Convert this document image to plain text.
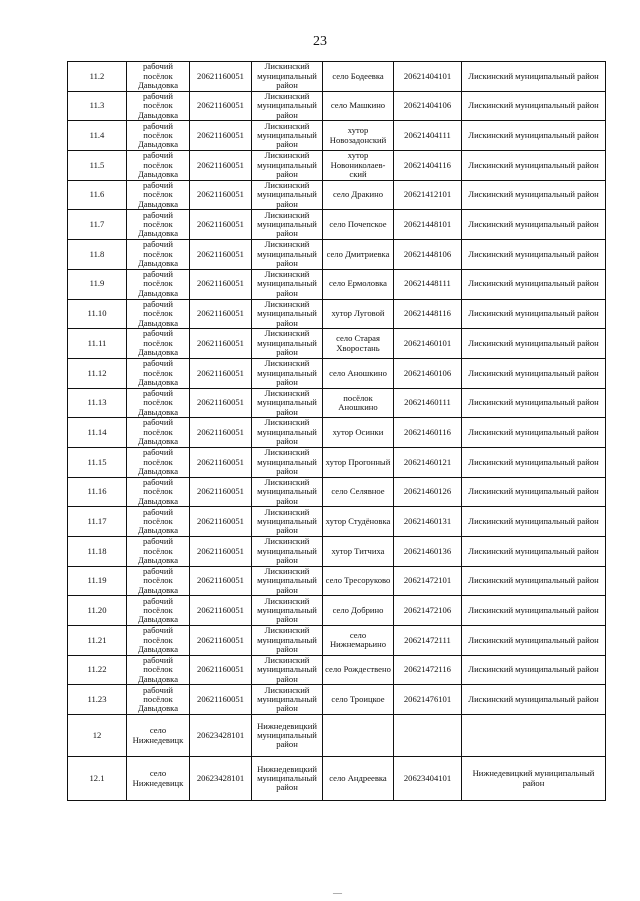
23
11.2	рабочий посёлок Давыдовка	20621160051	Лискинский муниципальный район	село Бодеевка	20621404101	Лискинский муниципальный район
11.3	рабочий посёлок Давыдовка	20621160051	Лискинский муниципальный район	село Машкино	20621404106	Лискинский муниципальный район
11.4	рабочий посёлок Давыдовка	20621160051	Лискинский муниципальный район	хутор Новозадонский	20621404111	Лискинский муниципальный район
11.5	рабочий посёлок Давыдовка	20621160051	Лискинский муниципальный район	хутор Новониколаев-ский	20621404116	Лискинский муниципальный район
11.6	рабочий посёлок Давыдовка	20621160051	Лискинский муниципальный район	село Дракино	20621412101	Лискинский муниципальный район
11.7	рабочий посёлок Давыдовка	20621160051	Лискинский муниципальный район	село Почепское	20621448101	Лискинский муниципальный район
11.8	рабочий посёлок Давыдовка	20621160051	Лискинский муниципальный район	село Дмитриевка	20621448106	Лискинский муниципальный район
11.9	рабочий посёлок Давыдовка	20621160051	Лискинский муниципальный район	село Ермоловка	20621448111	Лискинский муниципальный район
11.10	рабочий посёлок Давыдовка	20621160051	Лискинский муниципальный район	хутор Луговой	20621448116	Лискинский муниципальный район
11.11	рабочий посёлок Давыдовка	20621160051	Лискинский муниципальный район	село Старая Хворостань	20621460101	Лискинский муниципальный район
11.12	рабочий посёлок Давыдовка	20621160051	Лискинский муниципальный район	село Аношкино	20621460106	Лискинский муниципальный район
11.13	рабочий посёлок Давыдовка	20621160051	Лискинский муниципальный район	посёлок Аношкино	20621460111	Лискинский муниципальный район
11.14	рабочий посёлок Давыдовка	20621160051	Лискинский муниципальный район	хутор Осинки	20621460116	Лискинский муниципальный район
11.15	рабочий посёлок Давыдовка	20621160051	Лискинский муниципальный район	хутор Прогонный	20621460121	Лискинский муниципальный район
11.16	рабочий посёлок Давыдовка	20621160051	Лискинский муниципальный район	село Селявное	20621460126	Лискинский муниципальный район
11.17	рабочий посёлок Давыдовка	20621160051	Лискинский муниципальный район	хутор Студёновка	20621460131	Лискинский муниципальный район
11.18	рабочий посёлок Давыдовка	20621160051	Лискинский муниципальный район	хутор Титчиха	20621460136	Лискинский муниципальный район
11.19	рабочий посёлок Давыдовка	20621160051	Лискинский муниципальный район	село Тресоруково	20621472101	Лискинский муниципальный район
11.20	рабочий посёлок Давыдовка	20621160051	Лискинский муниципальный район	село Добрино	20621472106	Лискинский муниципальный район
11.21	рабочий посёлок Давыдовка	20621160051	Лискинский муниципальный район	село Нижнемарьино	20621472111	Лискинский муниципальный район
11.22	рабочий посёлок Давыдовка	20621160051	Лискинский муниципальный район	село Рождествено	20621472116	Лискинский муниципальный район
11.23	рабочий посёлок Давыдовка	20621160051	Лискинский муниципальный район	село Троицкое	20621476101	Лискинский муниципальный район
12	село Нижнедевицк	20623428101	Нижнедевицкий муниципальный район			
12.1	село Нижнедевицк	20623428101	Нижнедевицкий муниципальный район	село Андреевка	20623404101	Нижнедевицкий муниципальный район
—
